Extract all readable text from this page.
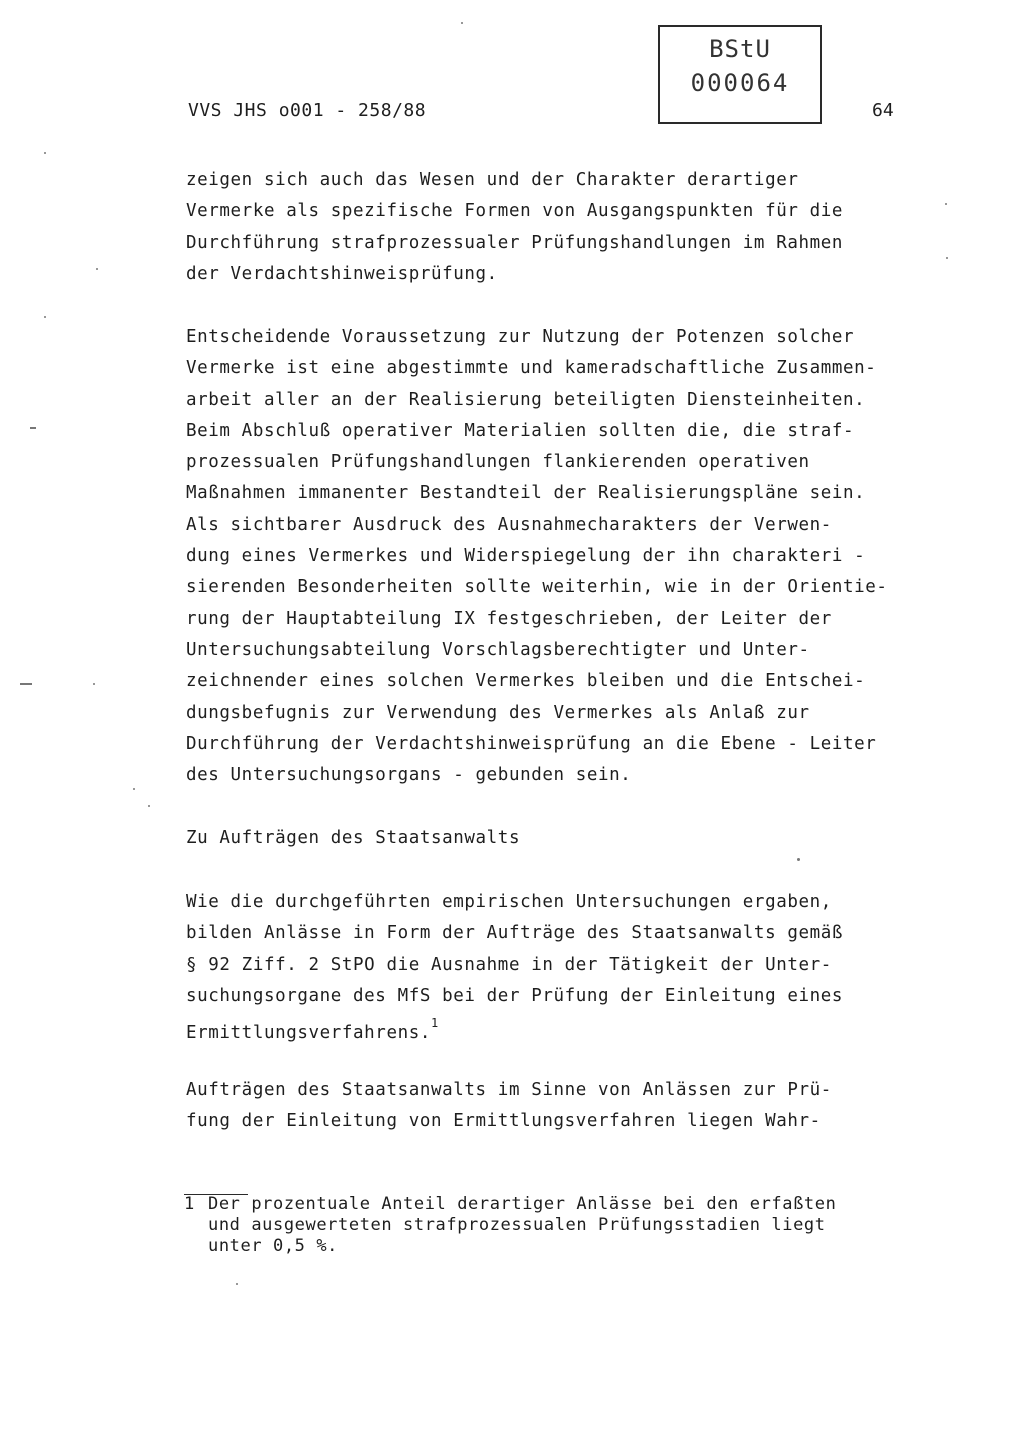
BStU
000064
VVS JHS o001 - 258/88	64

zeigen sich auch das Wesen und der Charakter derartiger
Vermerke als spezifische Formen von Ausgangspunkten für die
Durchführung strafprozessualer Prüfungshandlungen im Rahmen
der Verdachtshinweisprüfung.

Entscheidende Voraussetzung zur Nutzung der Potenzen solcher
Vermerke ist eine abgestimmte und kameradschaftliche Zusammen-
arbeit aller an der Realisierung beteiligten Diensteinheiten.
Beim Abschluß operativer Materialien sollten die, die straf-
prozessualen Prüfungshandlungen flankierenden operativen
Maßnahmen immanenter Bestandteil der Realisierungspläne sein.
Als sichtbarer Ausdruck des Ausnahmecharakters der Verwen-
dung eines Vermerkes und Widerspiegelung der ihn charakteri -
sierenden Besonderheiten sollte weiterhin, wie in der Orientie-
rung der Hauptabteilung IX festgeschrieben, der Leiter der
Untersuchungsabteilung Vorschlagsberechtigter und Unter-
zeichnender eines solchen Vermerkes bleiben und die Entschei-
dungsbefugnis zur Verwendung des Vermerkes als Anlaß zur
Durchführung der Verdachtshinweisprüfung an die Ebene - Leiter
des Untersuchungsorgans - gebunden sein.

Zu Aufträgen des Staatsanwalts

Wie die durchgeführten empirischen Untersuchungen ergaben,
bilden Anlässe in Form der Aufträge des Staatsanwalts gemäß
§ 92 Ziff. 2 StPO die Ausnahme in der Tätigkeit der Unter-
suchungsorgane des MfS bei der Prüfung der Einleitung eines
Ermittlungsverfahrens.$^1$

Aufträgen des Staatsanwalts im Sinne von Anlässen zur Prü-
fung der Einleitung von Ermittlungsverfahren liegen Wahr-

1 Der prozentuale Anteil derartiger Anlässe bei den erfaßten
und ausgewerteten strafprozessualen Prüfungsstadien liegt
unter 0,5 %.
